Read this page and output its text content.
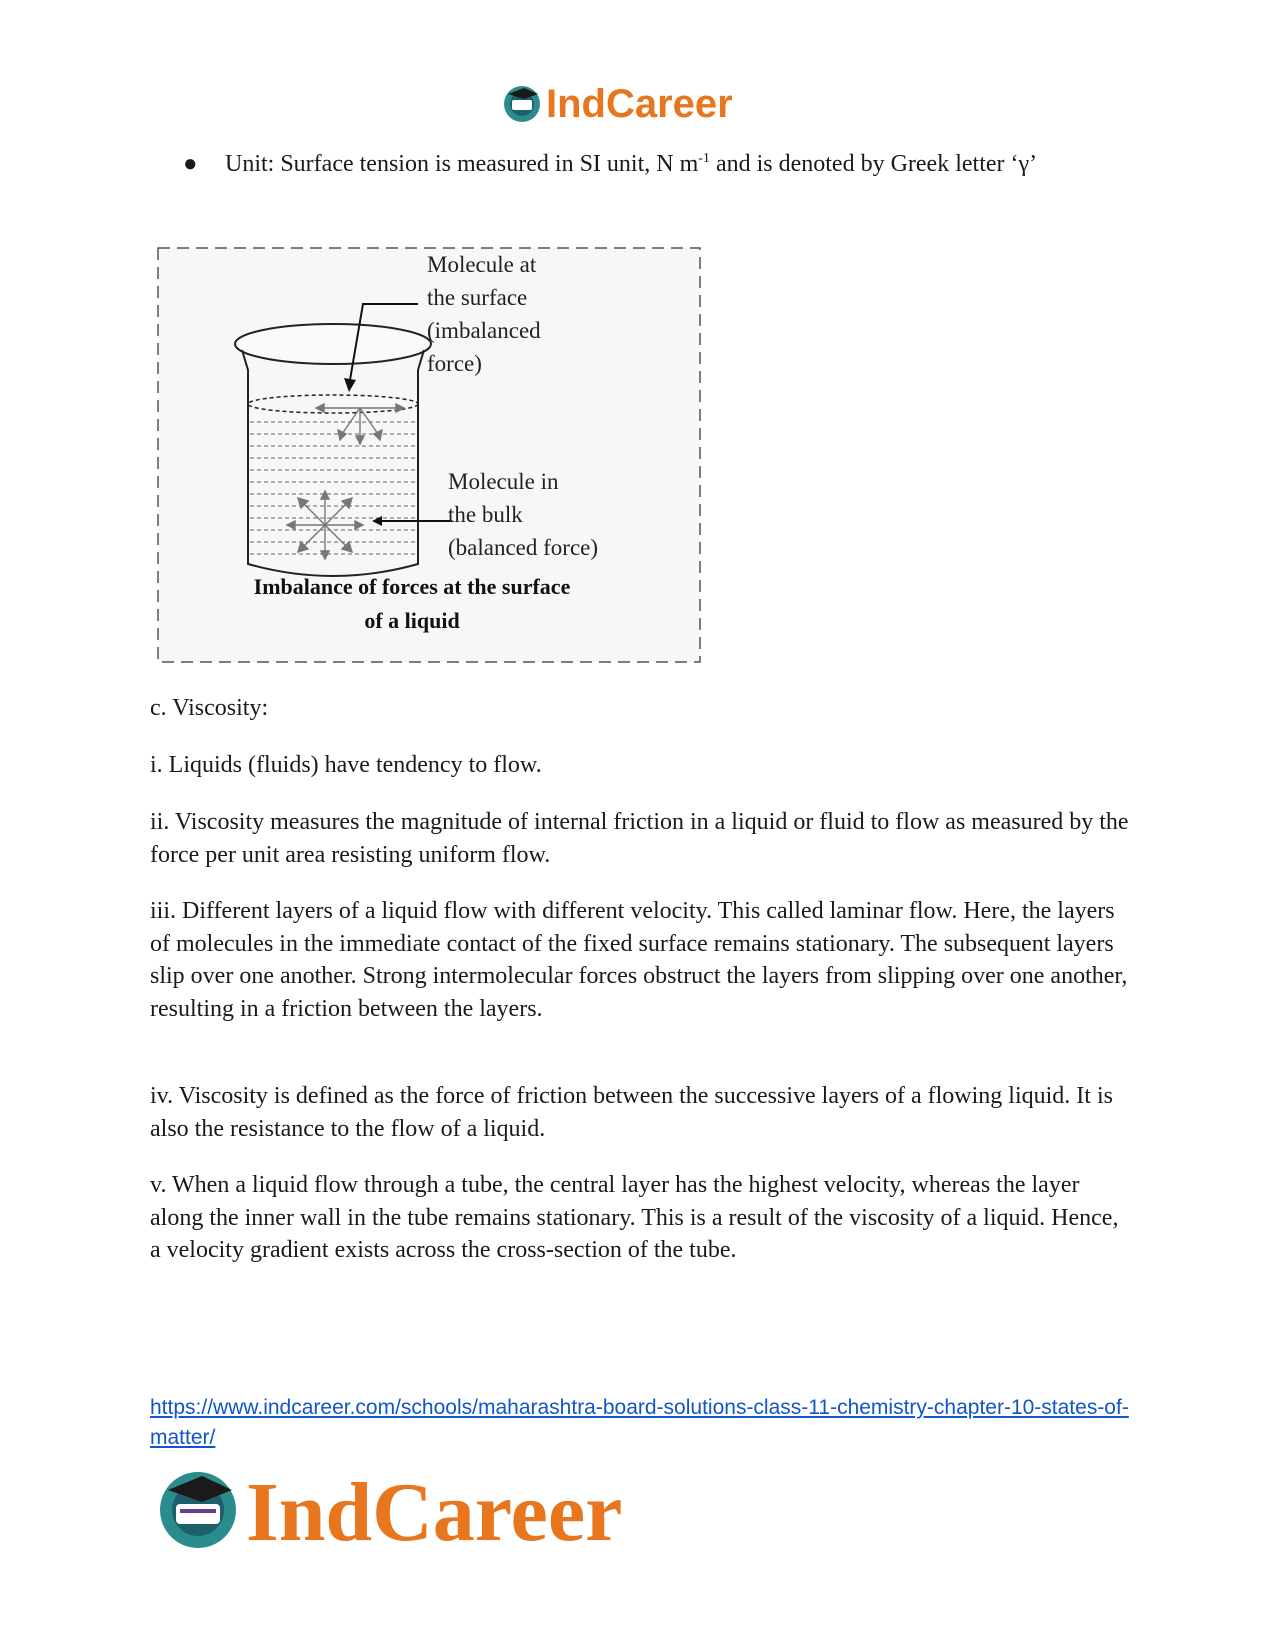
IndCareer
● Unit: Surface tension is measured in SI unit, N $m^{-1}$ and is denoted by Greek letter ‘γ’
Molecule at
the surface
(imbalanced
force)
Molecule in
the bulk
(balanced force)
Imbalance of forces at the surface
of a liquid

c. Viscosity:

i. Liquids (fluids) have tendency to flow.

ii. Viscosity measures the magnitude of internal friction in a liquid or fluid to flow as measured by the force per unit area resisting uniform flow.

iii. Different layers of a liquid flow with different velocity. This called laminar flow. Here, the layers of molecules in the immediate contact of the fixed surface remains stationary. The subsequent layers slip over one another. Strong intermolecular forces obstruct the layers from slipping over one another, resulting in a friction between the layers.

iv. Viscosity is defined as the force of friction between the successive layers of a flowing liquid. It is also the resistance to the flow of a liquid.

v. When a liquid flow through a tube, the central layer has the highest velocity, whereas the layer along the inner wall in the tube remains stationary. This is a result of the viscosity of a liquid. Hence, a velocity gradient exists across the cross-section of the tube.

https://www.indcareer.com/schools/maharashtra-board-solutions-class-11-chemistry-chapter-10-states-of-matter/
IndCareer
